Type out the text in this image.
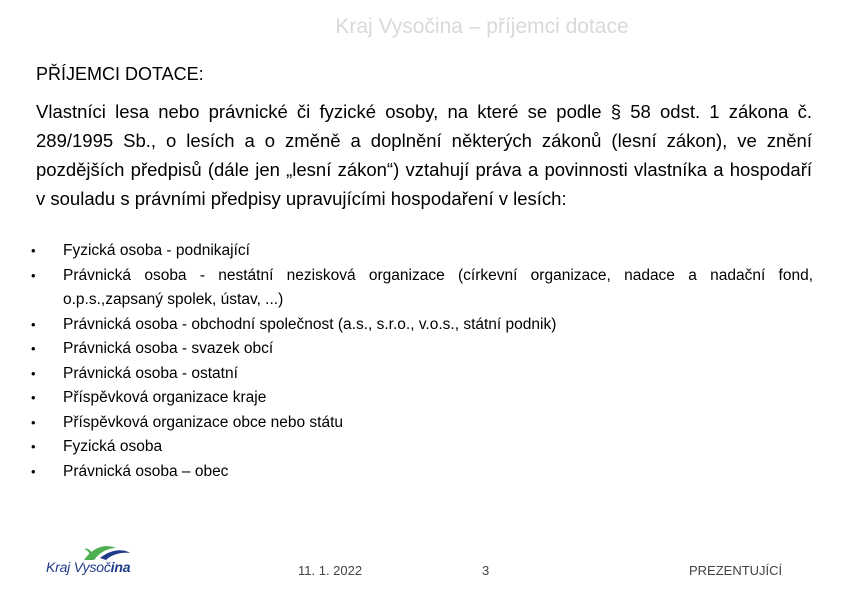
Kraj Vysočina – příjemci dotace
PŘÍJEMCI DOTACE:

Vlastníci lesa nebo právnické či fyzické osoby, na které se podle § 58 odst. 1 zákona č. 289/1995 Sb., o lesích a o změně a doplnění některých zákonů (lesní zákon), ve znění pozdějších předpisů (dále jen „lesní zákon“) vztahují práva a povinnosti vlastníka a hospodaří v souladu s právními předpisy upravujícími hospodaření v lesích:

• Fyzická osoba - podnikající
• Právnická osoba - nestátní nezisková organizace (církevní organizace, nadace a nadační fond, o.p.s.,zapsaný spolek, ústav, ...)
• Právnická osoba - obchodní společnost (a.s., s.r.o., v.o.s., státní podnik)
• Právnická osoba - svazek obcí
• Právnická osoba - ostatní
• Příspěvková organizace kraje
• Příspěvková organizace obce nebo státu
• Fyzická osoba
• Právnická osoba – obec
Kraj Vysočina	11. 1. 2022	3	PREZENTUJÍCÍ
